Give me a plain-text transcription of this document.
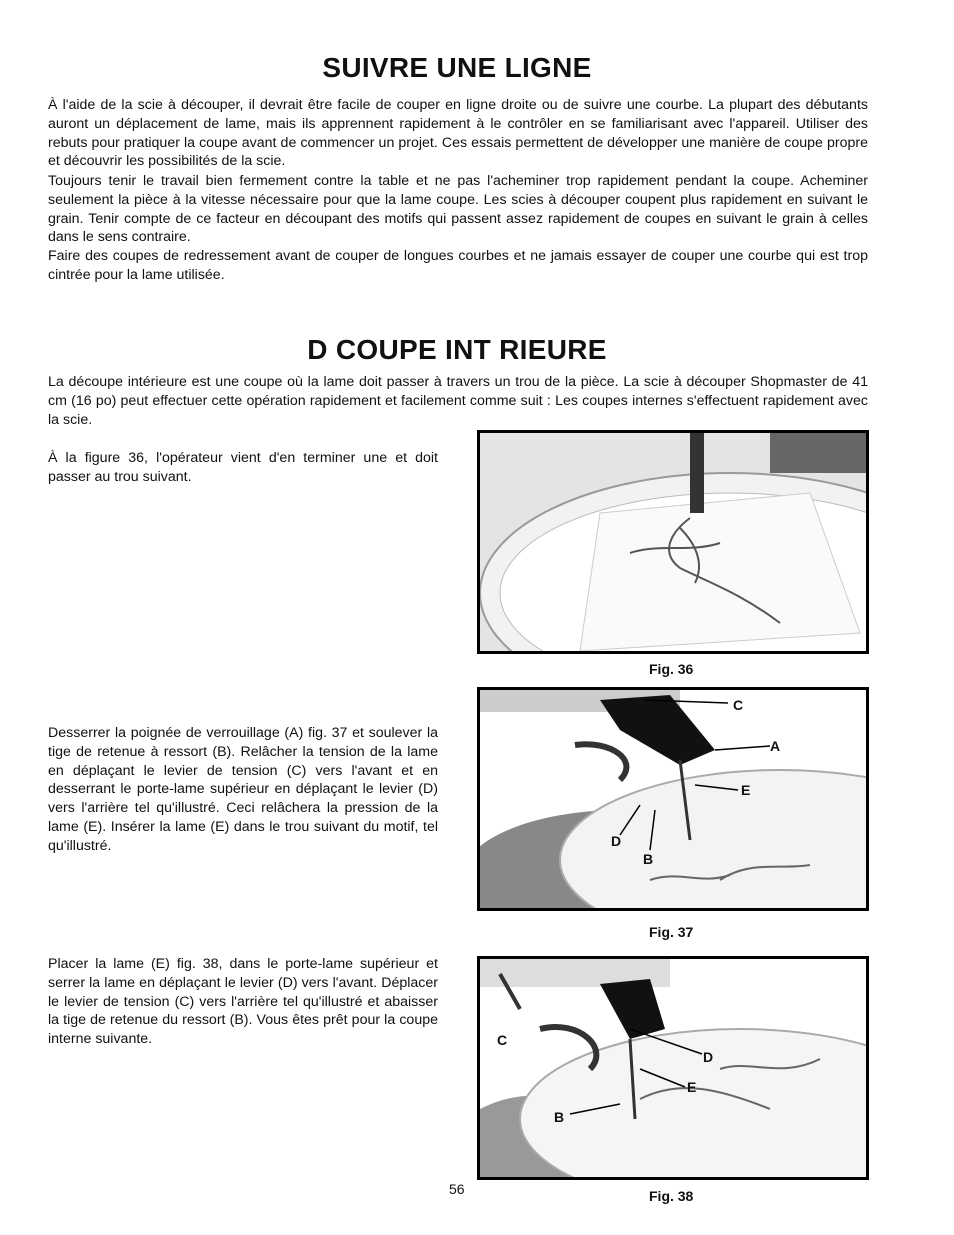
SUIVRE UNE LIGNE

À l'aide de la scie à découper, il devrait être facile de couper en ligne droite ou de suivre une courbe. La plupart des débutants auront un déplacement de lame, mais ils apprennent rapidement à le contrôler en se familiarisant avec l'appareil. Utiliser des rebuts pour pratiquer la coupe avant de commencer un projet. Ces essais permettent de développer une manière de coupe propre et découvrir les possibilités de la scie.

Toujours tenir le travail bien fermement contre la table et ne pas l'acheminer trop rapidement pendant la coupe. Acheminer seulement la pièce à la vitesse nécessaire pour que la lame coupe. Les scies à découper coupent plus rapidement en suivant le grain. Tenir compte de ce facteur en découpant des motifs qui passent assez rapidement de coupes en suivant le grain à celles dans le sens contraire.

Faire des coupes de redressement avant de couper de longues courbes et ne jamais essayer de couper une courbe qui est trop cintrée pour la lame utilisée.

D COUPE INT RIEURE

La découpe intérieure est une coupe où la lame doit passer à travers un trou de la pièce. La scie à découper Shopmaster de 41 cm (16 po) peut effectuer cette opération rapidement et facilement comme suit : Les coupes internes s'effectuent rapidement avec la scie.

À la figure 36, l'opérateur vient d'en terminer une et doit passer au trou suivant.

Desserrer la poignée de verrouillage (A) fig. 37 et soulever la tige de retenue à ressort (B). Relâcher la tension de la lame en déplaçant le levier de tension (C) vers l'avant et en desserrant le porte-lame supérieur en déplaçant le levier (D) vers l'arrière tel qu'illustré. Ceci relâchera la pression de la lame (E). Insérer la lame (E) dans le trou suivant du motif, tel qu'illustré.

Placer la lame (E) fig. 38, dans le porte-lame supérieur et serrer la lame en déplaçant le levier (D) vers l'avant. Déplacer le levier de tension (C) vers l'arrière tel qu'illustré et abaisser la tige de retenue du ressort (B). Vous êtes prêt pour la coupe interne suivante.

Fig. 36
C
A
E
D
B
Fig. 37
C
D
E
B
Fig. 38
56
